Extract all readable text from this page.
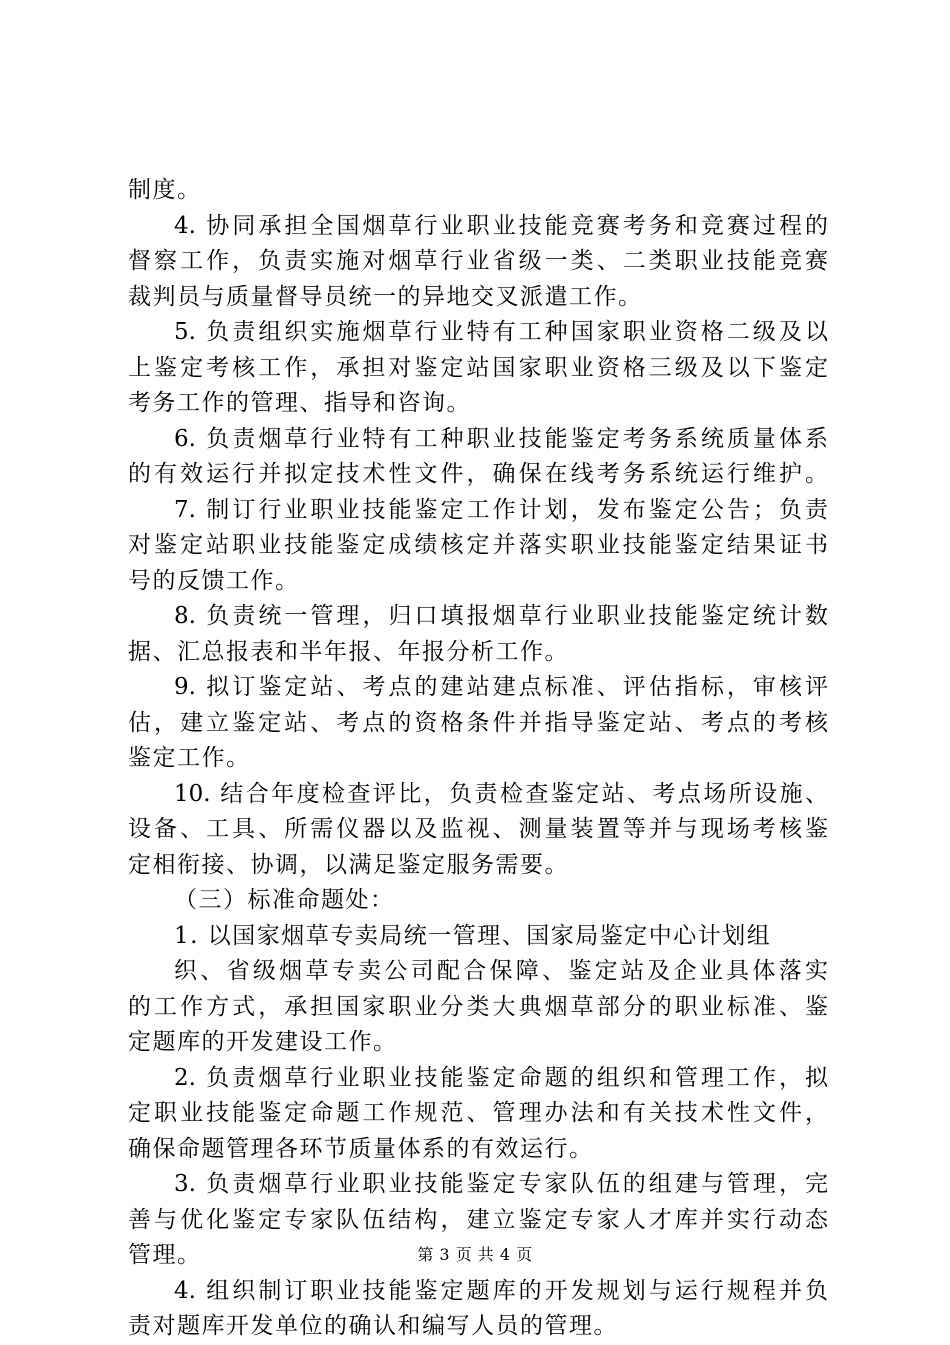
制度。
4. 协同承担全国烟草行业职业技能竞赛考务和竞赛过程的
督察工作，负责实施对烟草行业省级一类、二类职业技能竞赛
裁判员与质量督导员统一的异地交叉派遣工作。
5. 负责组织实施烟草行业特有工种国家职业资格二级及以
上鉴定考核工作，承担对鉴定站国家职业资格三级及以下鉴定
考务工作的管理、指导和咨询。
6. 负责烟草行业特有工种职业技能鉴定考务系统质量体系
的有效运行并拟定技术性文件，确保在线考务系统运行维护。
7. 制订行业职业技能鉴定工作计划，发布鉴定公告；负责
对鉴定站职业技能鉴定成绩核定并落实职业技能鉴定结果证书
号的反馈工作。
8. 负责统一管理，归口填报烟草行业职业技能鉴定统计数
据、汇总报表和半年报、年报分析工作。
9. 拟订鉴定站、考点的建站建点标准、评估指标，审核评
估，建立鉴定站、考点的资格条件并指导鉴定站、考点的考核
鉴定工作。
10. 结合年度检查评比，负责检查鉴定站、考点场所设施、
设备、工具、所需仪器以及监视、测量装置等并与现场考核鉴
定相衔接、协调，以满足鉴定服务需要。
（三）标准命题处：
1. 以国家烟草专卖局统一管理、国家局鉴定中心计划组
织、省级烟草专卖公司配合保障、鉴定站及企业具体落实
的工作方式，承担国家职业分类大典烟草部分的职业标准、鉴
定题库的开发建设工作。
2. 负责烟草行业职业技能鉴定命题的组织和管理工作，拟
定职业技能鉴定命题工作规范、管理办法和有关技术性文件，
确保命题管理各环节质量体系的有效运行。
3. 负责烟草行业职业技能鉴定专家队伍的组建与管理，完
善与优化鉴定专家队伍结构，建立鉴定专家人才库并实行动态
管理。
4. 组织制订职业技能鉴定题库的开发规划与运行规程并负
责对题库开发单位的确认和编写人员的管理。
第 3 页 共 4 页
